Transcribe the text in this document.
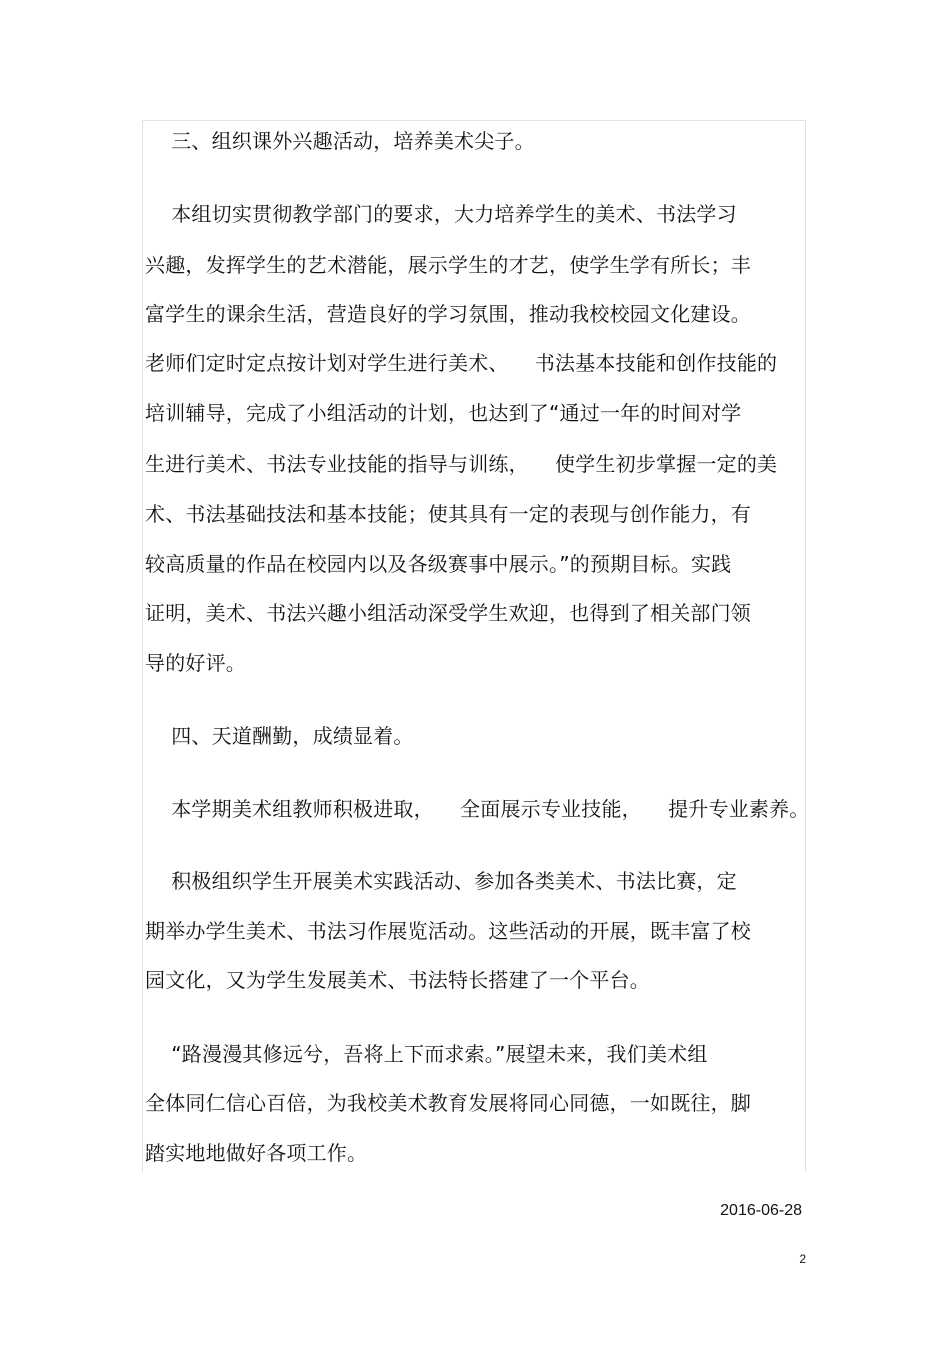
三、组织课外兴趣活动，培养美术尖子。
本组切实贯彻教学部门的要求，大力培养学生的美术、书法学习
兴趣，发挥学生的艺术潜能，展示学生的才艺，使学生学有所长；丰
富学生的课余生活，营造良好的学习氛围，推动我校校园文化建设。
老师们定时定点按计划对学生进行美术、    书法基本技能和创作技能的
培训辅导，完成了小组活动的计划，也达到了“通过一年的时间对学
生进行美术、书法专业技能的指导与训练，    使学生初步掌握一定的美
术、书法基础技法和基本技能；使其具有一定的表现与创作能力，有
较高质量的作品在校园内以及各级赛事中展示。”的预期目标。实践
证明，美术、书法兴趣小组活动深受学生欢迎，也得到了相关部门领
导的好评。
四、天道酬勤，成绩显着。
本学期美术组教师积极进取，    全面展示专业技能，    提升专业素养。
积极组织学生开展美术实践活动、参加各类美术、书法比赛，定
期举办学生美术、书法习作展览活动。这些活动的开展，既丰富了校
园文化，又为学生发展美术、书法特长搭建了一个平台。
“路漫漫其修远兮，吾将上下而求索。”展望未来，我们美术组
全体同仁信心百倍，为我校美术教育发展将同心同德，一如既往，脚
踏实地地做好各项工作。
2016-06-28
2
